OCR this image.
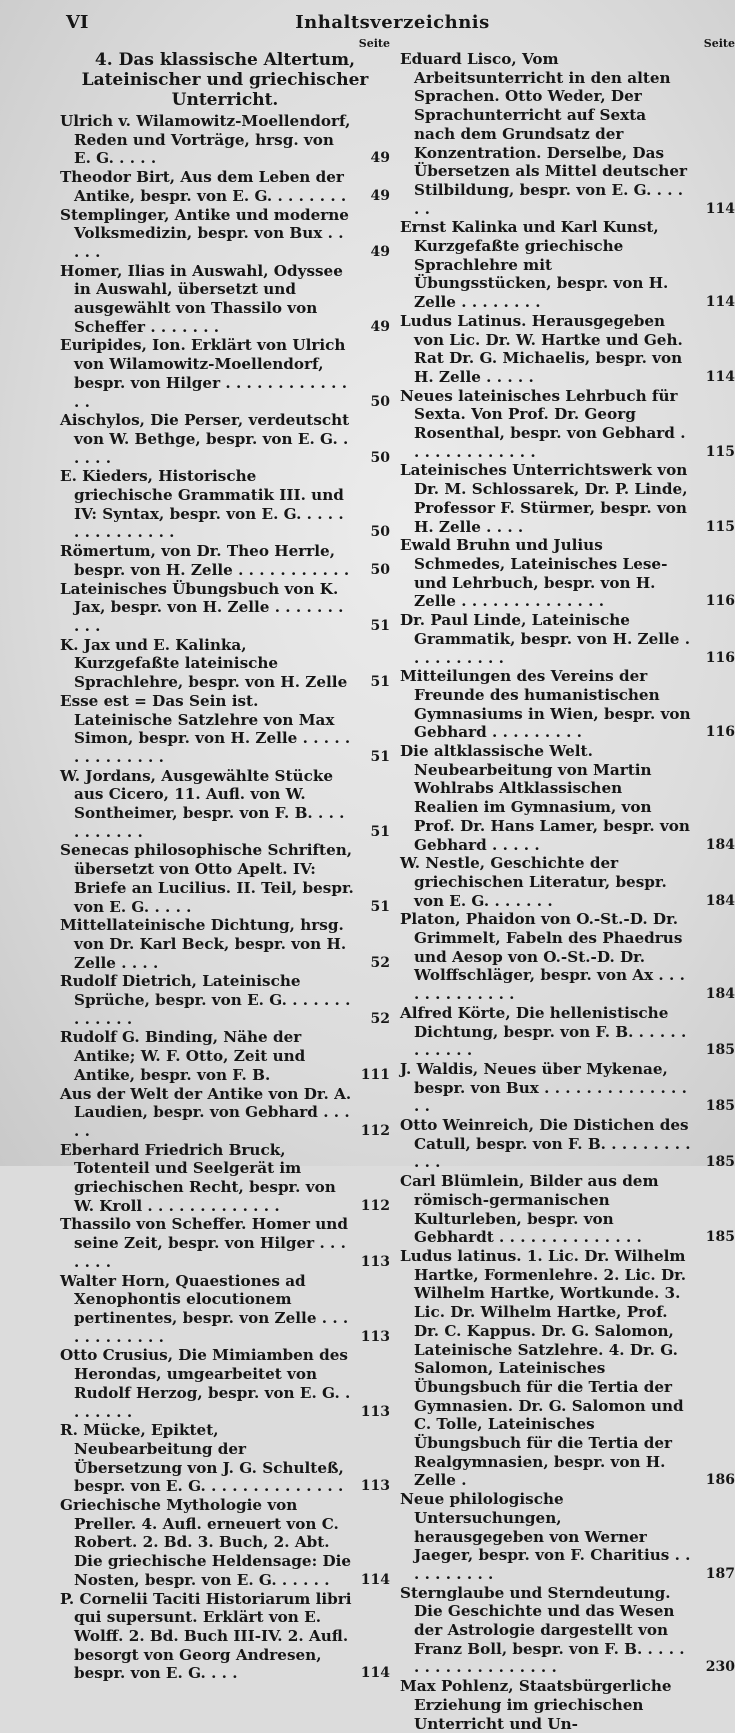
VI	Inhaltsverzeichnis
Seite
4. Das klassische Altertum, Lateinischer und griechischer Unterricht.
Ulrich v. Wilamowitz-Moellendorf, Reden und Vorträge, hrsg. von E. G. . . . .	49
Theodor Birt, Aus dem Leben der Antike, bespr. von E. G. . . . . . . .	49
Stemplinger, Antike und moderne Volksmedizin, bespr. von Bux . . . . .	49
Homer, Ilias in Auswahl, Odyssee in Auswahl, übersetzt und ausgewählt von Thassilo von Scheffer . . . . . . .	49
Euripides, Ion. Erklärt von Ulrich von Wilamowitz-Moellendorf, bespr. von Hilger . . . . . . . . . . . . . .	50
Aischylos, Die Perser, verdeutscht von W. Bethge, bespr. von E. G. . . . . .	50
E. Kieders, Historische griechische Grammatik III. und IV: Syntax, bespr. von E. G. . . . . . . . . . . . . . .	50
Römertum, von Dr. Theo Herrle, bespr. von H. Zelle . . . . . . . . . . .	50
Lateinisches Übungsbuch von K. Jax, bespr. von H. Zelle . . . . . . . . . .	51
K. Jax und E. Kalinka, Kurzgefaßte lateinische Sprachlehre, bespr. von H. Zelle	51
Esse est = Das Sein ist. Lateinische Satzlehre von Max Simon, bespr. von H. Zelle . . . . . . . . . . . . . .	51
W. Jordans, Ausgewählte Stücke aus Cicero, 11. Aufl. von W. Sontheimer, bespr. von F. B. . . . . . . . . . .	51
Senecas philosophische Schriften, übersetzt von Otto Apelt. IV: Briefe an Lucilius. II. Teil, bespr. von E. G. . . . .	51
Mittellateinische Dichtung, hrsg. von Dr. Karl Beck, bespr. von H. Zelle . . . .	52
Rudolf Dietrich, Lateinische Sprüche, bespr. von E. G. . . . . . . . . . . . .	52
Rudolf G. Binding, Nähe der Antike; W. F. Otto, Zeit und Antike, bespr. von F. B.	111
Aus der Welt der Antike von Dr. A. Laudien, bespr. von Gebhard . . . . .	112
Eberhard Friedrich Bruck, Totenteil und Seelgerät im griechischen Recht, bespr. von W. Kroll . . . . . . . . . . . . .	112
Thassilo von Scheffer. Homer und seine Zeit, bespr. von Hilger . . . . . . .	113
Walter Horn, Quaestiones ad Xenophontis elocutionem pertinentes, bespr. von Zelle . . . . . . . . . . . .	113
Otto Crusius, Die Mimiamben des Herondas, umgearbeitet von Rudolf Herzog, bespr. von E. G. . . . . . . .	113
R. Mücke, Epiktet, Neubearbeitung der Übersetzung von J. G. Schulteß, bespr. von E. G. . . . . . . . . . . . . .	113
Griechische Mythologie von Preller. 4. Aufl. erneuert von C. Robert. 2. Bd. 3. Buch, 2. Abt. Die griechische Heldensage: Die Nosten, bespr. von E. G. . . . . .	114
P. Cornelii Taciti Historiarum libri qui supersunt. Erklärt von E. Wolff. 2. Bd. Buch III-IV. 2. Aufl. besorgt von Georg Andresen, bespr. von E. G. . . .	114
Seite
Eduard Lisco, Vom Arbeitsunterricht in den alten Sprachen. Otto Weder, Der Sprachunterricht auf Sexta nach dem Grundsatz der Konzentration. Derselbe, Das Übersetzen als Mittel deutscher Stilbildung, bespr. von E. G. . . . . .	114
Ernst Kalinka und Karl Kunst, Kurzgefaßte griechische Sprachlehre mit Übungsstücken, bespr. von H. Zelle . . . . . . . .	114
Ludus Latinus. Herausgegeben von Lic. Dr. W. Hartke und Geh. Rat Dr. G. Michaelis, bespr. von H. Zelle . . . . .	114
Neues lateinisches Lehrbuch für Sexta. Von Prof. Dr. Georg Rosenthal, bespr. von Gebhard . . . . . . . . . . . . .	115
Lateinisches Unterrichtswerk von Dr. M. Schlossarek, Dr. P. Linde, Professor F. Stürmer, bespr. von H. Zelle . . . .	115
Ewald Bruhn und Julius Schmedes, Lateinisches Lese- und Lehrbuch, bespr. von H. Zelle . . . . . . . . . . . . . .	116
Dr. Paul Linde, Lateinische Grammatik, bespr. von H. Zelle . . . . . . . . . .	116
Mitteilungen des Vereins der Freunde des humanistischen Gymnasiums in Wien, bespr. von Gebhard . . . . . . . . .	116
Die altklassische Welt. Neubearbeitung von Martin Wohlrabs Altklassischen Realien im Gymnasium, von Prof. Dr. Hans Lamer, bespr. von Gebhard . . . . .	184
W. Nestle, Geschichte der griechischen Literatur, bespr. von E. G. . . . . . .	184
Platon, Phaidon von O.-St.-D. Dr. Grimmelt, Fabeln des Phaedrus und Aesop von O.-St.-D. Dr. Wolffschläger, bespr. von Ax . . . . . . . . . . . . .	184
Alfred Körte, Die hellenistische Dichtung, bespr. von F. B. . . . . . . . . . . .	185
J. Waldis, Neues über Mykenae, bespr. von Bux . . . . . . . . . . . . . . . .	185
Otto Weinreich, Die Distichen des Catull, bespr. von F. B. . . . . . . . . . . .	185
Carl Blümlein, Bilder aus dem römisch-germanischen Kulturleben, bespr. von Gebhardt . . . . . . . . . . . . . .	185
Ludus latinus. 1. Lic. Dr. Wilhelm Hartke, Formenlehre. 2. Lic. Dr. Wilhelm Hartke, Wortkunde. 3. Lic. Dr. Wilhelm Hartke, Prof. Dr. C. Kappus. Dr. G. Salomon, Lateinische Satzlehre. 4. Dr. G. Salomon, Lateinisches Übungsbuch für die Tertia der Gymnasien. Dr. G. Salomon und C. Tolle, Lateinisches Übungsbuch für die Tertia der Realgymnasien, bespr. von H. Zelle .	186
Neue philologische Untersuchungen, herausgegeben von Werner Jaeger, bespr. von F. Charitius . . . . . . . . . .	187
Sternglaube und Sterndeutung. Die Geschichte und das Wesen der Astrologie dargestellt von Franz Boll, bespr. von F. B. . . . . . . . . . . . . . . . . . .	230
Max Pohlenz, Staatsbürgerliche Erziehung im griechischen Unterricht und Un-
